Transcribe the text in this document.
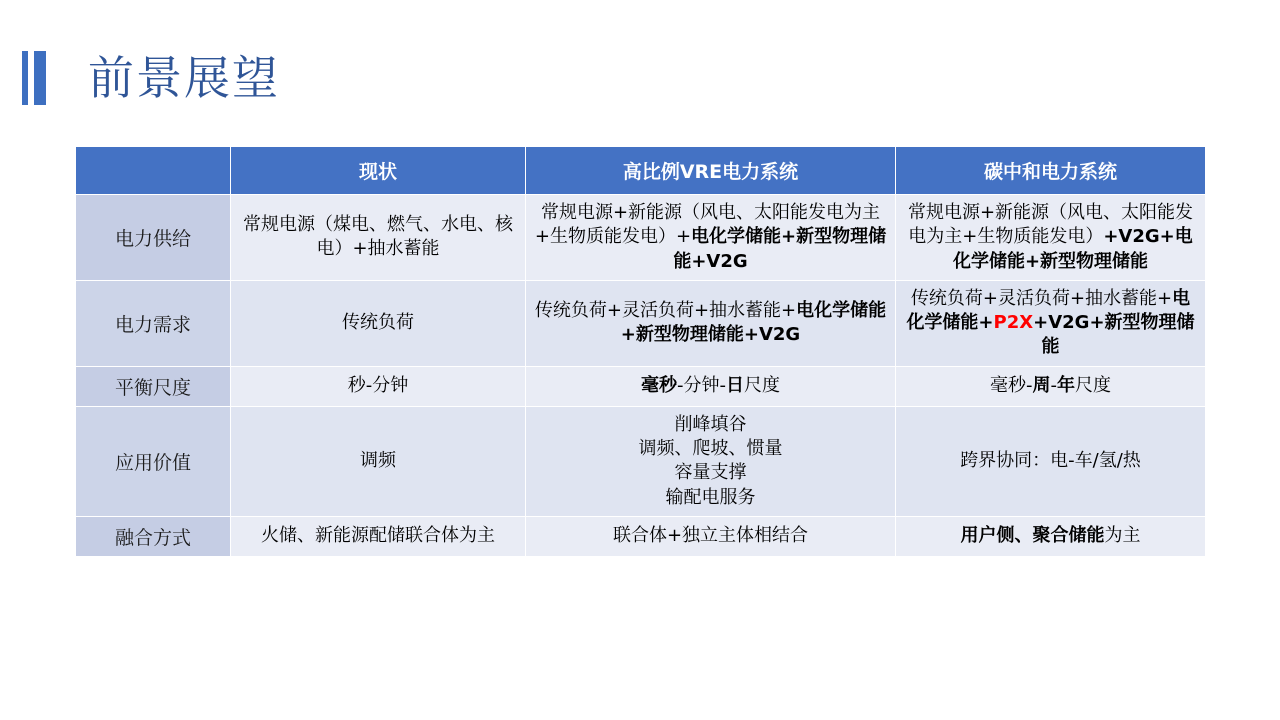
前景展望
	现状	高比例VRE电力系统	碳中和电力系统
电力供给	常规电源（煤电、燃气、水电、核电）+抽水蓄能	常规电源+新能源（风电、太阳能发电为主+生物质能发电）+电化学储能+新型物理储能+V2G	常规电源+新能源（风电、太阳能发电为主+生物质能发电）+V2G+电化学储能+新型物理储能
电力需求	传统负荷	传统负荷+灵活负荷+抽水蓄能+电化学储能+新型物理储能+V2G	传统负荷+灵活负荷+抽水蓄能+电化学储能+P2X+V2G+新型物理储能
平衡尺度	秒-分钟	毫秒-分钟-日尺度	毫秒-周-年尺度
应用价值	调频	削峰填谷
调频、爬坡、惯量
容量支撑
输配电服务	跨界协同：电-车/氢/热
融合方式	火储、新能源配储联合体为主	联合体+独立主体相结合	用户侧、聚合储能为主
